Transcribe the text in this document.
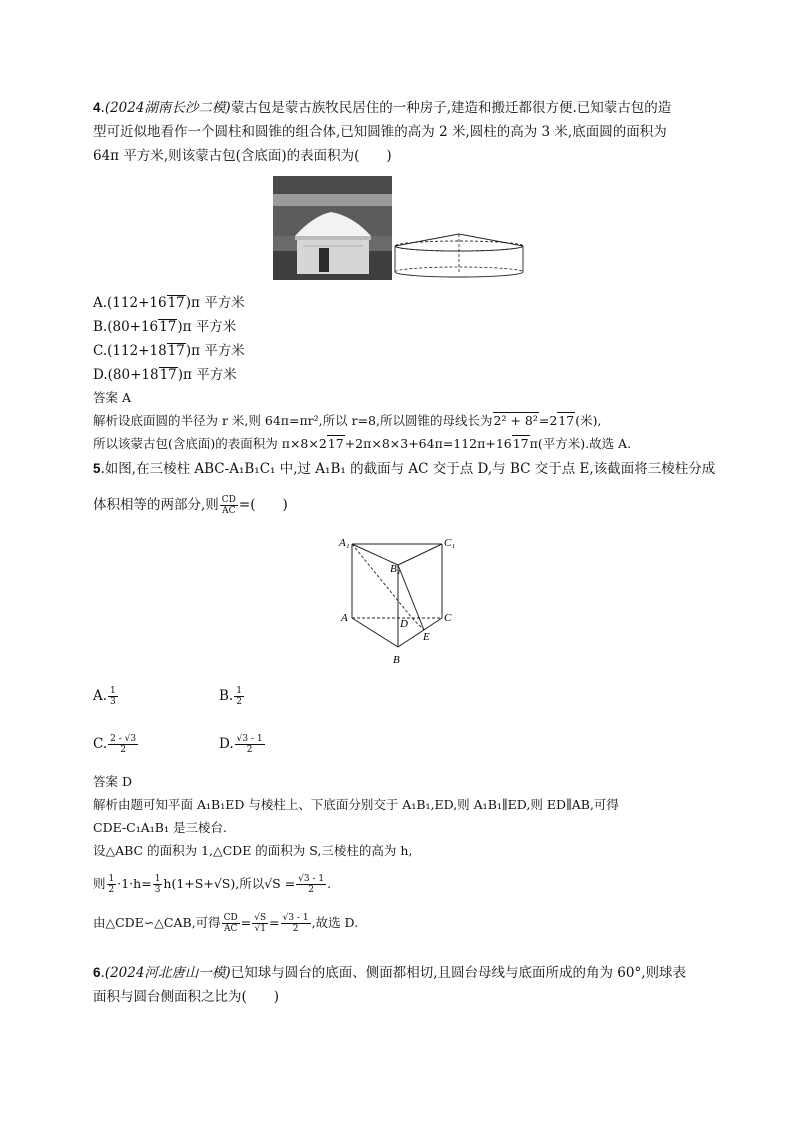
4.(2024湖南长沙二模)蒙古包是蒙古族牧民居住的一种房子,建造和搬迁都很方便.已知蒙古包的造

型可近似地看作一个圆柱和圆锥的组合体,已知圆锥的高为 2 米,圆柱的高为 3 米,底面圆的面积为

64π 平方米,则该蒙古包(含底面)的表面积为(　　)

A.(112+1617)π 平方米

B.(80+1617)π 平方米

C.(112+1817)π 平方米

D.(80+1817)π 平方米

答案 A

解析设底面圆的半径为 r 米,则 64π=πr²,所以 r=8,所以圆锥的母线长为2² + 8²=217(米),

所以该蒙古包(含底面)的表面积为 π×8×217+2π×8×3+64π=112π+1617π(平方米).故选 A.

5.如图,在三棱柱 ABC-A₁B₁C₁ 中,过 A₁B₁ 的截面与 AC 交于点 D,与 BC 交于点 E,该截面将三棱柱分成

体积相等的两部分,则 $\frac{CD}{AC}$ =(　　)

A₁	C₁
B₁
A	D	C
E
B
A. $\frac{1}{3}$	B. $\frac{1}{2}$
C. $\frac{2 - √3}{2}$	D. $\frac{√3 - 1}{2}$

答案 D

解析由题可知平面 A₁B₁ED 与棱柱上、下底面分别交于 A₁B₁,ED,则 A₁B₁∥ED,则 ED∥AB,可得

CDE-C₁A₁B₁ 是三棱台.

设△ABC 的面积为 1,△CDE 的面积为 S,三棱柱的高为 h,

则 $\frac{1}{2} \cdot 1\cdot h= \frac{1}{3} h(1+S+√S)$,所以$√S = \frac{√3 - 1}{2}$ .

由△CDE∽△CAB,可得 $\frac{CD}{AC} = \frac{√S}{√1} = \frac{√3 - 1}{2}$ ,故选 D.

6.(2024河北唐山一模)已知球与圆台的底面、侧面都相切,且圆台母线与底面所成的角为 60°,则球表

面积与圆台侧面积之比为(　　)
